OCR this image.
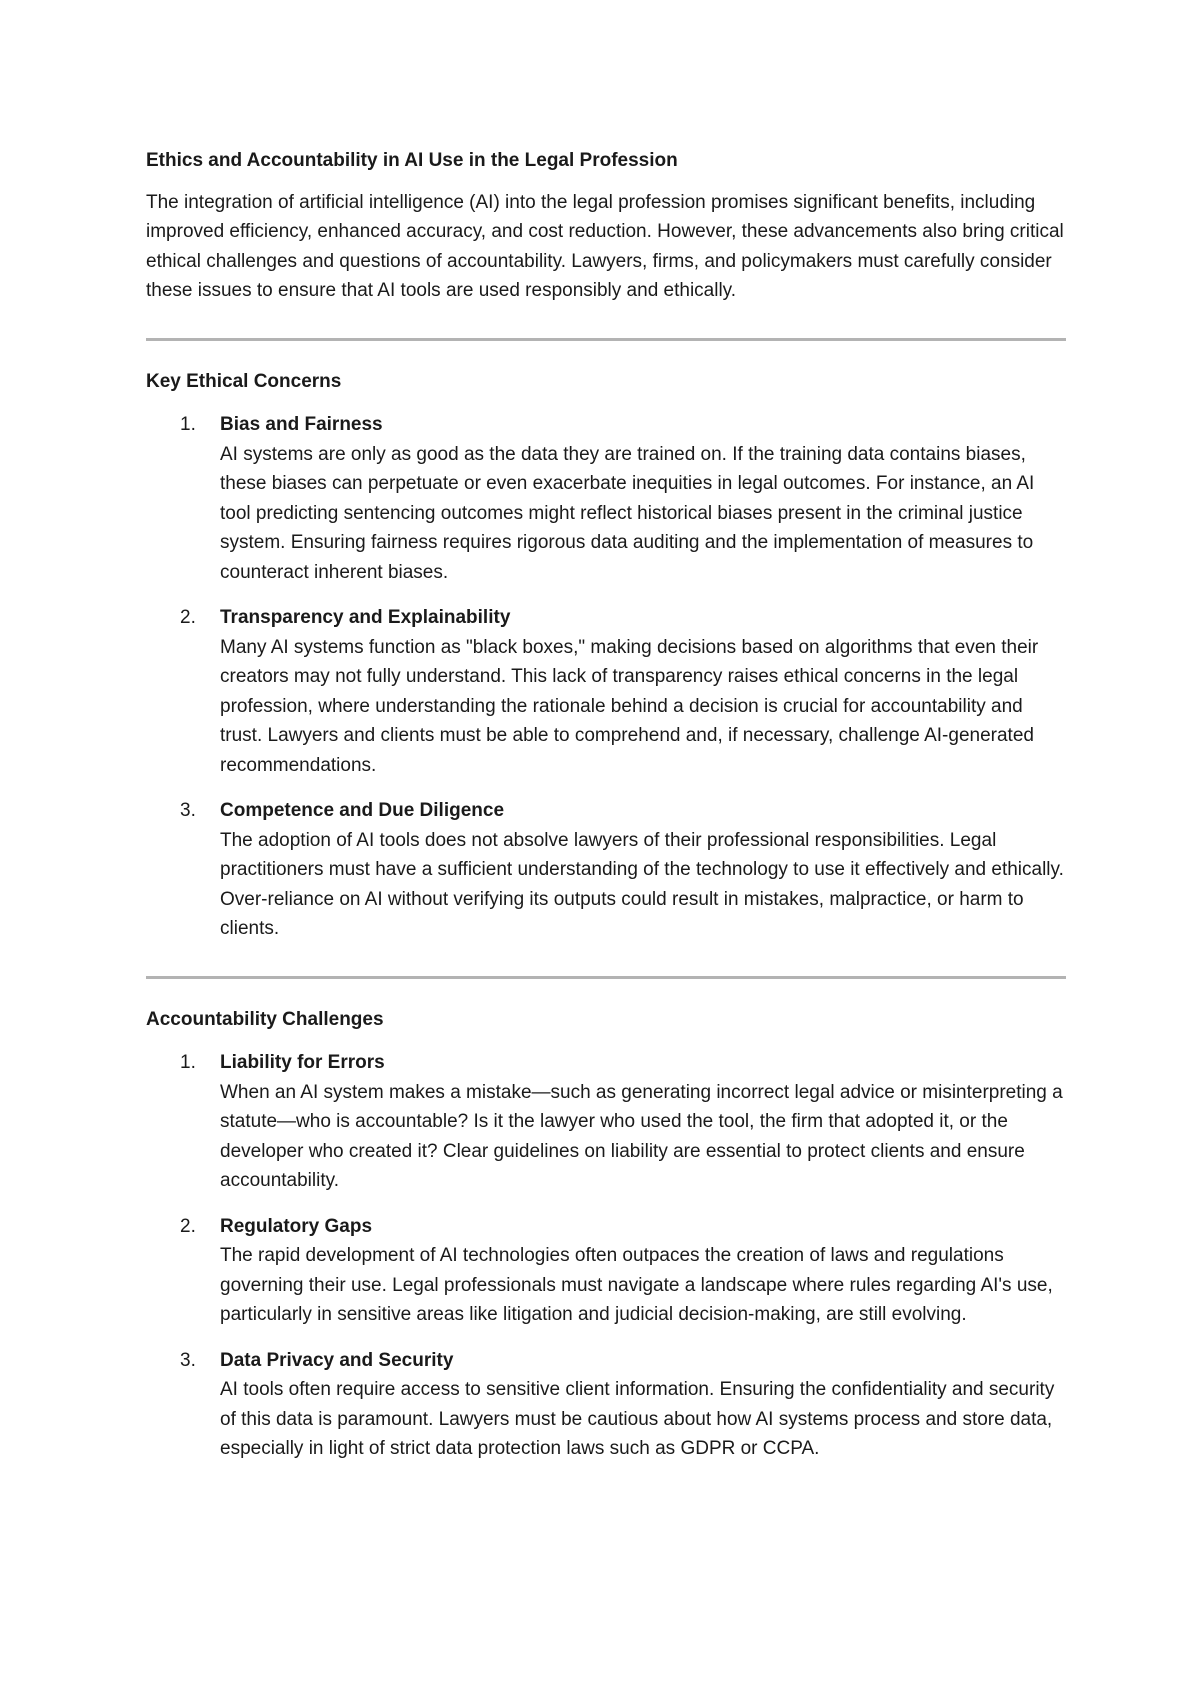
Ethics and Accountability in AI Use in the Legal Profession

The integration of artificial intelligence (AI) into the legal profession promises significant benefits, including improved efficiency, enhanced accuracy, and cost reduction. However, these advancements also bring critical ethical challenges and questions of accountability. Lawyers, firms, and policymakers must carefully consider these issues to ensure that AI tools are used responsibly and ethically.

Key Ethical Concerns

1. Bias and Fairness
AI systems are only as good as the data they are trained on. If the training data contains biases, these biases can perpetuate or even exacerbate inequities in legal outcomes. For instance, an AI tool predicting sentencing outcomes might reflect historical biases present in the criminal justice system. Ensuring fairness requires rigorous data auditing and the implementation of measures to counteract inherent biases.
2. Transparency and Explainability
Many AI systems function as "black boxes," making decisions based on algorithms that even their creators may not fully understand. This lack of transparency raises ethical concerns in the legal profession, where understanding the rationale behind a decision is crucial for accountability and trust. Lawyers and clients must be able to comprehend and, if necessary, challenge AI-generated recommendations.
3. Competence and Due Diligence
The adoption of AI tools does not absolve lawyers of their professional responsibilities. Legal practitioners must have a sufficient understanding of the technology to use it effectively and ethically. Over-reliance on AI without verifying its outputs could result in mistakes, malpractice, or harm to clients.

Accountability Challenges

1. Liability for Errors
When an AI system makes a mistake—such as generating incorrect legal advice or misinterpreting a statute—who is accountable? Is it the lawyer who used the tool, the firm that adopted it, or the developer who created it? Clear guidelines on liability are essential to protect clients and ensure accountability.
2. Regulatory Gaps
The rapid development of AI technologies often outpaces the creation of laws and regulations governing their use. Legal professionals must navigate a landscape where rules regarding AI's use, particularly in sensitive areas like litigation and judicial decision-making, are still evolving.
3. Data Privacy and Security
AI tools often require access to sensitive client information. Ensuring the confidentiality and security of this data is paramount. Lawyers must be cautious about how AI systems process and store data, especially in light of strict data protection laws such as GDPR or CCPA.
